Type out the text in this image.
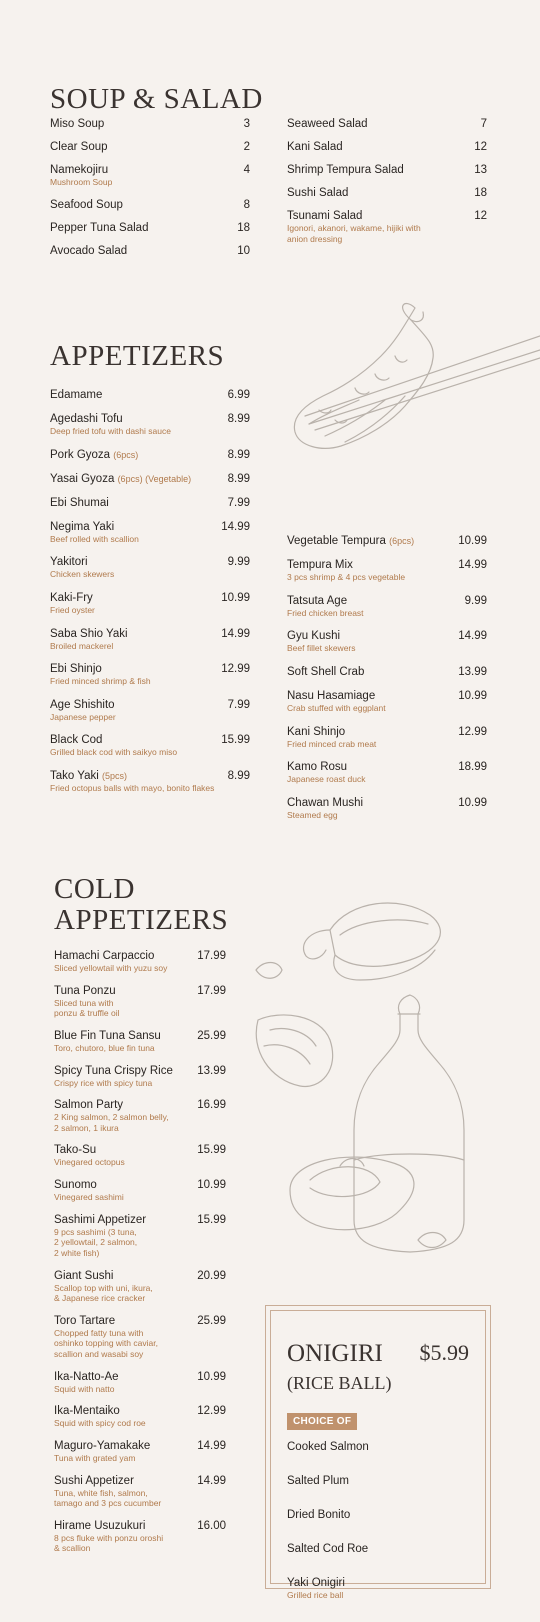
SOUP & SALAD
Miso Soup	3
Clear Soup	2
Namekojiru	4
Mushroom Soup
Seafood Soup	8
Pepper Tuna Salad	18
Avocado Salad	10
Seaweed Salad	7
Kani Salad	12
Shrimp Tempura Salad	13
Sushi Salad	18
Tsunami Salad	12
Igonori, akanori, wakame, hijiki with anion dressing
APPETIZERS
Edamame	6.99
Agedashi Tofu	8.99
Deep fried tofu with dashi sauce
Pork Gyoza (6pcs)	8.99
Yasai Gyoza (6pcs) (Vegetable)	8.99
Ebi Shumai	7.99
Negima Yaki	14.99
Beef rolled with scallion
Yakitori	9.99
Chicken skewers
Kaki-Fry	10.99
Fried oyster
Saba Shio Yaki	14.99
Broiled mackerel
Ebi Shinjo	12.99
Fried minced shrimp & fish
Age Shishito	7.99
Japanese pepper
Black Cod	15.99
Grilled black cod with saikyo miso
Tako Yaki (5pcs)	8.99
Fried octopus balls with mayo, bonito flakes
Vegetable Tempura (6pcs)	10.99
Tempura Mix	14.99
3 pcs shrimp & 4 pcs vegetable
Tatsuta Age	9.99
Fried chicken breast
Gyu Kushi	14.99
Beef fillet skewers
Soft Shell Crab	13.99
Nasu Hasamiage	10.99
Crab stuffed with eggplant
Kani Shinjo	12.99
Fried minced crab meat
Kamo Rosu	18.99
Japanese roast duck
Chawan Mushi	10.99
Steamed egg
COLD
APPETIZERS
Hamachi Carpaccio	17.99
Sliced yellowtail with yuzu soy
Tuna Ponzu	17.99
Sliced tuna with
ponzu & truffle oil
Blue Fin Tuna Sansu	25.99
Toro, chutoro, blue fin tuna
Spicy Tuna Crispy Rice 13.99
Crispy rice with spicy tuna
Salmon Party	16.99
2 King salmon, 2 salmon belly,
2 salmon, 1 ikura
Tako-Su	15.99
Vinegared octopus
Sunomo	10.99
Vinegared sashimi
Sashimi Appetizer	15.99
9 pcs sashimi (3 tuna,
2 yellowtail, 2 salmon,
2 white fish)
Giant Sushi	20.99
Scallop top with uni, ikura,
& Japanese rice cracker
Toro Tartare	25.99
Chopped fatty tuna with
oshinko topping with caviar,
scallion and wasabi soy
Ika-Natto-Ae	10.99
Squid with natto
Ika-Mentaiko	12.99
Squid with spicy cod roe
Maguro-Yamakake	14.99
Tuna with grated yam
Sushi Appetizer	14.99
Tuna, white fish, salmon,
tamago and 3 pcs cucumber
Hirame Usuzukuri	16.00
8 pcs fluke with ponzu oroshi
& scallion
ONIGIRI $5.99
(RICE BALL)
CHOICE OF
Cooked Salmon
Salted Plum
Dried Bonito
Salted Cod Roe
Yaki Onigiri
Grilled rice ball
